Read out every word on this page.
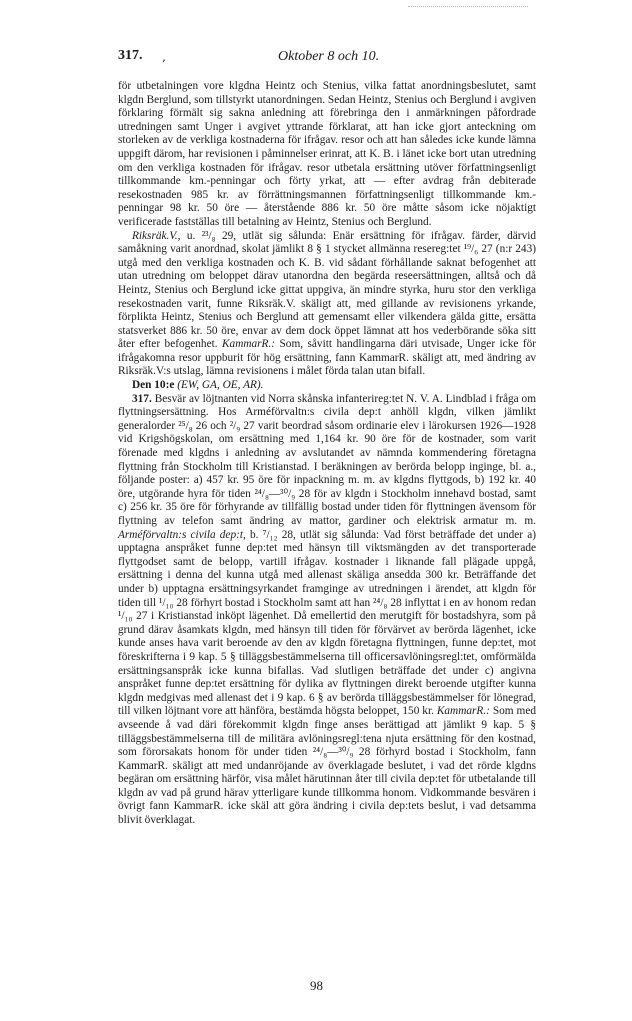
317. ‚	Oktober 8 och 10.

för utbetalningen vore klgdna Heintz och Stenius, vilka fattat anordningsbeslutet, samt klgdn Berglund, som tillstyrkt utanordningen. Sedan Heintz, Stenius och Berglund i avgiven förklaring förmält sig sakna anledning att förebringa den i anmärkningen påfordrade utredningen samt Unger i avgivet yttrande förklarat, att han icke gjort anteckning om storleken av de verkliga kostnaderna för ifrågav. resor och att han således icke kunde lämna uppgift därom, har revisionen i påminnelser erinrat, att K. B. i länet icke bort utan utredning om den verkliga kostnaden för ifrågav. resor utbetala ersättning utöver författningsenligt tillkommande km.-penningar och förty yrkat, att — efter avdrag från debiterade resekostnaden 985 kr. av förrättningsmannen författningsenligt tillkommande km.-penningar 98 kr. 50 öre — återstående 886 kr. 50 öre måtte såsom icke nöjaktigt verificerade fastställas till betalning av Heintz, Stenius och Berglund.

Riksräk.V., u. ²³/₈ 29, utlät sig sålunda: Enär ersättning för ifrågav. färder, därvid samåkning varit anordnad, skolat jämlikt 8 § 1 stycket allmänna resereg:tet ¹⁹/₆ 27 (n:r 243) utgå med den verkliga kostnaden och K. B. vid sådant förhållande saknat befogenhet att utan utredning om beloppet därav utanordna den begärda reseersättningen, alltså och då Heintz, Stenius och Berglund icke gittat uppgiva, än mindre styrka, huru stor den verkliga resekostnaden varit, funne Riksräk.V. skäligt att, med gillande av revisionens yrkande, förpliktа Heintz, Stenius och Berglund att gemensamt eller vilkendera gälda gitte, ersätta statsverket 886 kr. 50 öre, envar av dem dock öppet lämnat att hos vederbörande söka sitt åter efter befogenhet. KammarR.: Som, såvitt handlingarna däri utvisade, Unger icke för ifrågakomna resor uppburit för hög ersättning, fann KammarR. skäligt att, med ändring av Riksräk.V:s utslag, lämna revisionens i målet förda talan utan bifall.

Den 10:e (EW, GA, OE, AR).

317. Besvär av löjtnanten vid Norra skånska infanterireg:tet N. V. A. Lindblad i fråga om flyttningsersättning. Hos Arméförvaltn:s civila dep:t anhöll klgdn, vilken jämlikt generalorder ²⁵/₈ 26 och ²/₉ 27 varit beordrad såsom ordinarie elev i lärokursen 1926—1928 vid Krigshögskolan, om ersättning med 1,164 kr. 90 öre för de kostnader, som varit förenade med klgdns i anledning av avslutandet av nämnda kommendering företagna flyttning från Stockholm till Kristianstad. I beräkningen av berörda belopp inginge, bl. a., följande poster: a) 457 kr. 95 öre för inpackning m. m. av klgdns flyttgods, b) 192 kr. 40 öre, utgörande hyra för tiden ²⁴/₈—³⁰/₉ 28 för av klgdn i Stockholm innehavd bostad, samt c) 256 kr. 35 öre för förhyrande av tillfällig bostad under tiden för flyttningen ävensom för flyttning av telefon samt ändring av mattor, gardiner och elektrisk armatur m. m. Arméförvaltn:s civila dep:t, b. ⁷/₁₂ 28, utlät sig sålunda: Vad först beträffade det under a) upptagna anspråket funne dep:tet med hänsyn till viktsmängden av det transporterade flyttgodset samt de belopp, vartill ifrågav. kostnader i liknande fall plägade uppgå, ersättning i denna del kunna utgå med allenast skäliga ansedda 300 kr. Beträffande det under b) upptagna ersättningsyrkandet framginge av utredningen i ärendet, att klgdn för tiden till ¹/₁₀ 28 förhyrt bostad i Stockholm samt att han ²⁴/₈ 28 inflyttat i en av honom redan ¹/₁₀ 27 i Kristianstad inköpt lägenhet. Då emellertid den merutgift för bostadshyra, som på grund därav åsamkats klgdn, med hänsyn till tiden för förvärvet av berörda lägenhet, icke kunde anses hava varit beroende av den av klgdn företagna flyttningen, funne dep:tet, mot föreskrifterna i 9 kap. 5 § tilläggsbestämmelserna till officersavlöningsregl:tet, omförmälda ersättningsanspråk icke kunna bifallas. Vad slutligen beträffade det under c) angivna anspråket funne dep:tet ersättning för dylika av flyttningen direkt beroende utgifter kunna klgdn medgivas med allenast det i 9 kap. 6 § av berörda tilläggsbestämmelser för lönegrad, till vilken löjtnant vore att hänföra, bestämda högsta beloppet, 150 kr. KammarR.: Som med avseende å vad däri förekommit klgdn finge anses berättigad att jämlikt 9 kap. 5 § tilläggsbestämmelserna till de militära avlöningsregl:tena njuta ersättning för den kostnad, som förorsakats honom för under tiden ²⁴/₈—³⁰/₉ 28 förhyrd bostad i Stockholm, fann KammarR. skäligt att med undanröjande av överklagade beslutet, i vad det rörde klgdns begäran om ersättning härför, visa målet härutinnan åter till civila dep:tet för utbetalande till klgdn av vad på grund härav ytterligare kunde tillkomma honom. Vidkommande besvären i övrigt fann KammarR. icke skäl att göra ändring i civila dep:tets beslut, i vad detsamma blivit överklagat.

98
